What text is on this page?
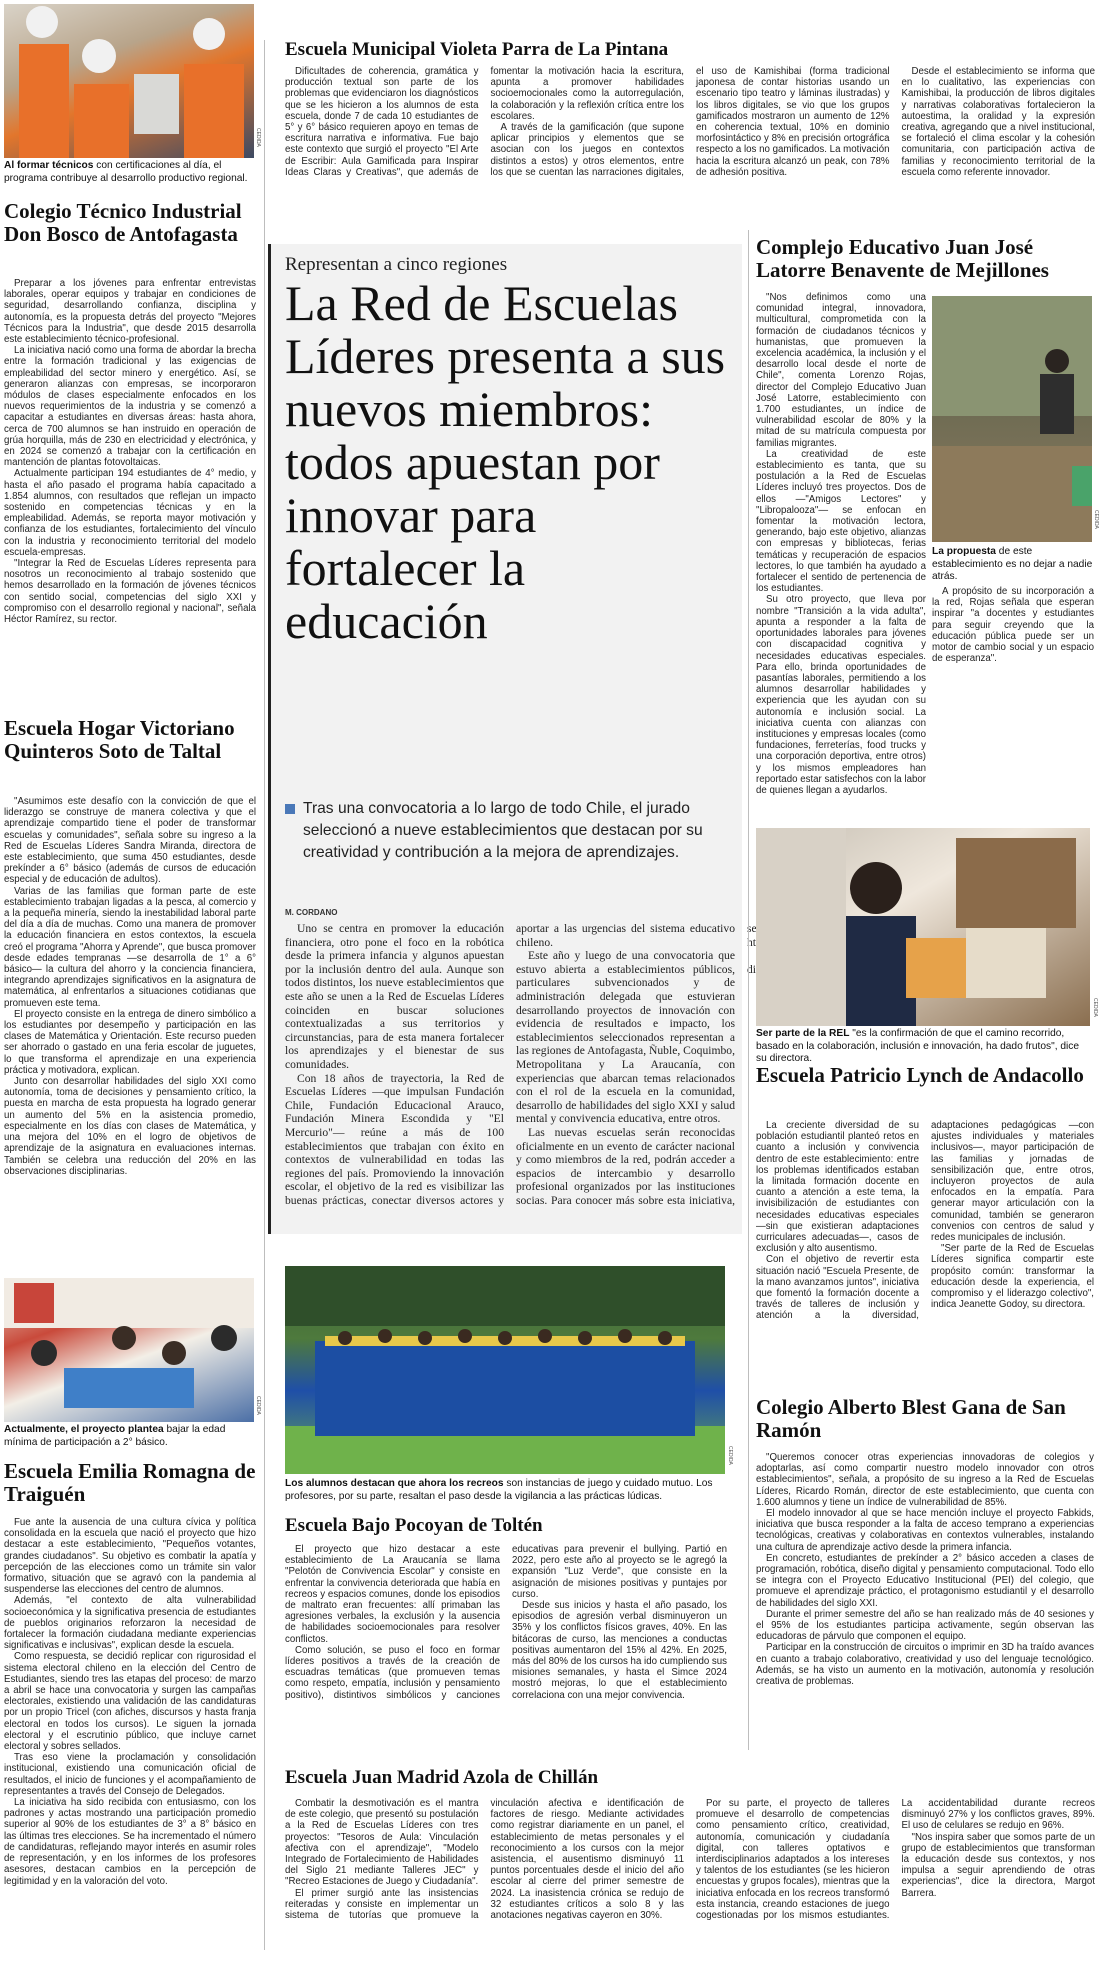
CEDIDA
Al formar técnicos con certificaciones al día, el programa contribuye al desarrollo productivo regional.
Colegio Técnico Industrial Don Bosco de Antofagasta

Preparar a los jóvenes para enfrentar entrevistas laborales, operar equipos y trabajar en condiciones de seguridad, desarrollando confianza, disciplina y autonomía, es la propuesta detrás del proyecto "Mejores Técnicos para la Industria", que desde 2015 desarrolla este establecimiento técnico-profesional.

La iniciativa nació como una forma de abordar la brecha entre la formación tradicional y las exigencias de empleabilidad del sector minero y energético. Así, se generaron alianzas con empresas, se incorporaron módulos de clases especialmente enfocados en los nuevos requerimientos de la industria y se comenzó a capacitar a estudiantes en diversas áreas: hasta ahora, cerca de 700 alumnos se han instruido en operación de grúa horquilla, más de 230 en electricidad y electrónica, y en 2024 se comenzó a trabajar con la certificación en mantención de plantas fotovoltaicas.

Actualmente participan 194 estudiantes de 4° medio, y hasta el año pasado el programa había capacitado a 1.854 alumnos, con resultados que reflejan un impacto sostenido en competencias técnicas y en la empleabilidad. Además, se reporta mayor motivación y confianza de los estudiantes, fortalecimiento del vínculo con la industria y reconocimiento territorial del modelo escuela-empresas.

"Integrar la Red de Escuelas Líderes representa para nosotros un reconocimiento al trabajo sostenido que hemos desarrollado en la formación de jóvenes técnicos con sentido social, competencias del siglo XXI y compromiso con el desarrollo regional y nacional", señala Héctor Ramírez, su rector.

Escuela Hogar Victoriano Quinteros Soto de Taltal

"Asumimos este desafío con la convicción de que el liderazgo se construye de manera colectiva y que el aprendizaje compartido tiene el poder de transformar escuelas y comunidades", señala sobre su ingreso a la Red de Escuelas Líderes Sandra Miranda, directora de este establecimiento, que suma 450 estudiantes, desde prekínder a 6° básico (además de cursos de educación especial y de educación de adultos).

Varias de las familias que forman parte de este establecimiento trabajan ligadas a la pesca, al comercio y a la pequeña minería, siendo la inestabilidad laboral parte del día a día de muchas. Como una manera de promover la educación financiera en estos contextos, la escuela creó el programa "Ahorra y Aprende", que busca promover desde edades tempranas —se desarrolla de 1° a 6° básico— la cultura del ahorro y la conciencia financiera, integrando aprendizajes significativos en la asignatura de matemática, al enfrentarlos a situaciones cotidianas que promueven este tema.

El proyecto consiste en la entrega de dinero simbólico a los estudiantes por desempeño y participación en las clases de Matemática y Orientación. Este recurso pueden ser ahorrado o gastado en una feria escolar de juguetes, lo que transforma el aprendizaje en una experiencia práctica y motivadora, explican.

Junto con desarrollar habilidades del siglo XXI como autonomía, toma de decisiones y pensamiento crítico, la puesta en marcha de esta propuesta ha logrado generar un aumento del 5% en la asistencia promedio, especialmente en los días con clases de Matemática, y una mejora del 10% en el logro de objetivos de aprendizaje de la asignatura en evaluaciones internas. También se celebra una reducción del 20% en las observaciones disciplinarias.

CEDIDA
Actualmente, el proyecto plantea bajar la edad mínima de participación a 2° básico.
Escuela Emilia Romagna de Traiguén

Fue ante la ausencia de una cultura cívica y política consolidada en la escuela que nació el proyecto que hizo destacar a este establecimiento, "Pequeños votantes, grandes ciudadanos". Su objetivo es combatir la apatía y percepción de las elecciones como un trámite sin valor formativo, situación que se agravó con la pandemia al suspenderse las elecciones del centro de alumnos.

Además, "el contexto de alta vulnerabilidad socioeconómica y la significativa presencia de estudiantes de pueblos originarios reforzaron la necesidad de fortalecer la formación ciudadana mediante experiencias significativas e inclusivas", explican desde la escuela.

Como respuesta, se decidió replicar con rigurosidad el sistema electoral chileno en la elección del Centro de Estudiantes, siendo tres las etapas del proceso: de marzo a abril se hace una convocatoria y surgen las campañas electorales, existiendo una validación de las candidaturas por un propio Tricel (con afiches, discursos y hasta franja electoral en todos los cursos). Le siguen la jornada electoral y el escrutinio público, que incluye carnet electoral y sobres sellados.

Tras eso viene la proclamación y consolidación institucional, existiendo una comunicación oficial de resultados, el inicio de funciones y el acompañamiento de representantes a través del Consejo de Delegados.

La iniciativa ha sido recibida con entusiasmo, con los padrones y actas mostrando una participación promedio superior al 90% de los estudiantes de 3° a 8° básico en las últimas tres elecciones. Se ha incrementado el número de candidaturas, reflejando mayor interés en asumir roles de representación, y en los informes de los profesores asesores, destacan cambios en la percepción de legitimidad y en la valoración del voto.

Escuela Municipal Violeta Parra de La Pintana

Dificultades de coherencia, gramática y producción textual son parte de los problemas que evidenciaron los diagnósticos que se les hicieron a los alumnos de esta escuela, donde 7 de cada 10 estudiantes de 5° y 6° básico requieren apoyo en temas de escritura narrativa e informativa. Fue bajo este contexto que surgió el proyecto "El Arte de Escribir: Aula Gamificada para Inspirar Ideas Claras y Creativas", que además de fomentar la motivación hacia la escritura, apunta a promover habilidades socioemocionales como la autorregulación, la colaboración y la reflexión crítica entre los escolares.

A través de la gamificación (que supone aplicar principios y elementos que se asocian con los juegos en contextos distintos a estos) y otros elementos, entre los que se cuentan las narraciones digitales, el uso de Kamishibai (forma tradicional japonesa de contar historias usando un escenario tipo teatro y láminas ilustradas) y los libros digitales, se vio que los grupos gamificados mostraron un aumento de 12% en coherencia textual, 10% en dominio morfosintáctico y 8% en precisión ortográfica respecto a los no gamificados. La motivación hacia la escritura alcanzó un peak, con 78% de adhesión positiva.

Desde el establecimiento se informa que en lo cualitativo, las experiencias con Kamishibai, la producción de libros digitales y narrativas colaborativas fortalecieron la autoestima, la oralidad y la expresión creativa, agregando que a nivel institucional, se fortaleció el clima escolar y la cohesión comunitaria, con participación activa de familias y reconocimiento territorial de la escuela como referente innovador.

Representan a cinco regiones
La Red de Escuelas Líderes presenta a sus nuevos miembros: todos apuestan por innovar para fortalecer la educación
Tras una convocatoria a lo largo de todo Chile, el jurado seleccionó a nueve establecimientos que destacan por su creatividad y contribución a la mejora de aprendizajes.
M. CORDANO

Uno se centra en promover la educación financiera, otro pone el foco en la robótica desde la primera infancia y algunos apuestan por la inclusión dentro del aula. Aunque son todos distintos, los nueve establecimientos que este año se unen a la Red de Escuelas Líderes coinciden en buscar soluciones contextualizadas a sus territorios y circunstancias, para de esta manera fortalecer los aprendizajes y el bienestar de sus comunidades.

Con 18 años de trayectoria, la Red de Escuelas Líderes —que impulsan Fundación Chile, Fundación Educacional Arauco, Fundación Minera Escondida y "El Mercurio"— reúne a más de 100 establecimientos que trabajan con éxito en contextos de vulnerabilidad en todas las regiones del país. Promoviendo la innovación escolar, el objetivo de la red es visibilizar las buenas prácticas, conectar diversos actores y aportar a las urgencias del sistema educativo chileno.

Este año y luego de una convocatoria que estuvo abierta a establecimientos públicos, particulares subvencionados y de administración delegada que estuvieran desarrollando proyectos de innovación con evidencia de resultados e impacto, los establecimientos seleccionados representan a las regiones de Antofagasta, Ñuble, Coquimbo, Metropolitana y La Araucanía, con experiencias que abarcan temas relacionados con el rol de la escuela en la comunidad, desarrollo de habilidades del siglo XXI y salud mental y convivencia educativa, entre otros.

Las nuevas escuelas serán reconocidas oficialmente en un evento de carácter nacional y como miembros de la red, podrán acceder a espacios de intercambio y desarrollo profesional organizados por las instituciones socias. Para conocer más sobre esta iniciativa, se

CEDIDA
Los alumnos destacan que ahora los recreos son instancias de juego y cuidado mutuo. Los profesores, por su parte, resaltan el paso desde la vigilancia a las prácticas lúdicas.
Escuela Bajo Pocoyan de Toltén

El proyecto que hizo destacar a este establecimiento de La Araucanía se llama "Pelotón de Convivencia Escolar" y consiste en enfrentar la convivencia deteriorada que había en recreos y espacios comunes, donde los episodios de maltrato eran frecuentes: allí primaban las agresiones verbales, la exclusión y la ausencia de habilidades socioemocionales para resolver conflictos.

Como solución, se puso el foco en formar líderes positivos a través de la creación de escuadras temáticas (que promueven temas como respeto, empatía, inclusión y pensamiento positivo), distintivos simbólicos y canciones educativas para prevenir el bullying. Partió en 2022, pero este año al proyecto se le agregó la expansión "Luz Verde", que consiste en la asignación de misiones positivas y puntajes por curso.

Desde sus inicios y hasta el año pasado, los episodios de agresión verbal disminuyeron un 35% y los conflictos físicos graves, 40%. En las bitácoras de curso, las menciones a conductas positivas aumentaron del 15% al 42%. En 2025, más del 80% de los cursos ha ido cumpliendo sus misiones semanales, y hasta el Simce 2024 mostró mejoras, lo que el establecimiento correlaciona con una mejor convivencia.

Escuela Juan Madrid Azola de Chillán

Combatir la desmotivación es el mantra de este colegio, que presentó su postulación a la Red de Escuelas Líderes con tres proyectos: "Tesoros de Aula: Vinculación afectiva con el aprendizaje", "Modelo Integrado de Fortalecimiento de Habilidades del Siglo 21 mediante Talleres JEC" y "Recreo Estaciones de Juego y Ciudadanía".

El primer surgió ante las insistencias reiteradas y consiste en implementar un sistema de tutorías que promueve la vinculación afectiva e identificación de factores de riesgo. Mediante actividades como registrar diariamente en un panel, el establecimiento de metas personales y el reconocimiento a los cursos con la mejor asistencia, el ausentismo disminuyó 11 puntos porcentuales desde el inicio del año escolar al cierre del primer semestre de 2024. La inasistencia crónica se redujo de 32 estudiantes críticos a solo 8 y las anotaciones negativas cayeron en 30%.

Por su parte, el proyecto de talleres promueve el desarrollo de competencias como pensamiento crítico, creatividad, autonomía, comunicación y ciudadanía digital, con talleres optativos e interdisciplinarios adaptados a los intereses y talentos de los estudiantes (se les hicieron encuestas y grupos focales), mientras que la iniciativa enfocada en los recreos transformó esta instancia, creando estaciones de juego cogestionadas por los mismos estudiantes. La accidentabilidad durante recreos disminuyó 27% y los conflictos graves, 89%. El uso de celulares se redujo en 96%.

"Nos inspira saber que somos parte de un grupo de establecimientos que transforman la educación desde sus contextos, y nos impulsa a seguir aprendiendo de otras experiencias", dice la directora, Margot Barrera.

Complejo Educativo Juan José Latorre Benavente de Mejillones

"Nos definimos como una comunidad integral, innovadora, multicultural, comprometida con la formación de ciudadanos técnicos y humanistas, que promueven la excelencia académica, la inclusión y el desarrollo local desde el norte de Chile", comenta Lorenzo Rojas, director del Complejo Educativo Juan José Latorre, establecimiento con 1.700 estudiantes, un índice de vulnerabilidad escolar de 80% y la mitad de su matrícula compuesta por familias migrantes.

La creatividad de este establecimiento es tanta, que su postulación a la Red de Escuelas Líderes incluyó tres proyectos. Dos de ellos —"Amigos Lectores" y "Libropalooza"— se enfocan en fomentar la motivación lectora, generando, bajo este objetivo, alianzas con empresas y bibliotecas, ferias temáticas y recuperación de espacios lectores, lo que también ha ayudado a fortalecer el sentido de pertenencia de los estudiantes.

Su otro proyecto, que lleva por nombre "Transición a la vida adulta", apunta a responder a la falta de oportunidades laborales para jóvenes con discapacidad cognitiva y necesidades educativas especiales. Para ello, brinda oportunidades de pasantías laborales, permitiendo a los alumnos desarrollar habilidades y experiencia que les ayudan con su autonomía e inclusión social. La iniciativa cuenta con alianzas con instituciones y empresas locales (como fundaciones, ferreterías, food trucks y una corporación deportiva, entre otros) y los mismos empleadores han reportado estar satisfechos con la labor de quienes llegan a ayudarlos.

CEDIDA
La propuesta de este establecimiento es no dejar a nadie atrás.

A propósito de su incorporación a la red, Rojas señala que esperan inspirar "a docentes y estudiantes para seguir creyendo que la educación pública puede ser un motor de cambio social y un espacio de esperanza".

CEDIDA
Ser parte de la REL "es la confirmación de que el camino recorrido, basado en la colaboración, inclusión e innovación, ha dado frutos", dice su directora.
Escuela Patricio Lynch de Andacollo

La creciente diversidad de su población estudiantil planteó retos en cuanto a inclusión y convivencia dentro de este establecimiento: entre los problemas identificados estaban la limitada formación docente en cuanto a atención a este tema, la invisibilización de estudiantes con necesidades educativas especiales —sin que existieran adaptaciones curriculares adecuadas—, casos de exclusión y alto ausentismo.

Con el objetivo de revertir esta situación nació "Escuela Presente, de la mano avanzamos juntos", iniciativa que fomentó la formación docente a través de talleres de inclusión y atención a la diversidad, adaptaciones pedagógicas —con ajustes individuales y materiales inclusivos—, mayor participación de las familias y jornadas de sensibilización que, entre otros, incluyeron proyectos de aula enfocados en la empatía. Para generar mayor articulación con la comunidad, también se generaron convenios con centros de salud y redes municipales de inclusión.

"Ser parte de la Red de Escuelas Líderes significa compartir este propósito común: transformar la educación desde la experiencia, el compromiso y el liderazgo colectivo", indica Jeanette Godoy, su directora.

Colegio Alberto Blest Gana de San Ramón

"Queremos conocer otras experiencias innovadoras de colegios y adoptarlas, así como compartir nuestro modelo innovador con otros establecimientos", señala, a propósito de su ingreso a la Red de Escuelas Líderes, Ricardo Román, director de este establecimiento, que cuenta con 1.600 alumnos y tiene un índice de vulnerabilidad de 85%.

El modelo innovador al que se hace mención incluye el proyecto Fabkids, iniciativa que busca responder a la falta de acceso temprano a experiencias tecnológicas, creativas y colaborativas en contextos vulnerables, instalando una cultura de aprendizaje activo desde la primera infancia.

En concreto, estudiantes de prekínder a 2° básico acceden a clases de programación, robótica, diseño digital y pensamiento computacional. Todo ello se integra con el Proyecto Educativo Institucional (PEI) del colegio, que promueve el aprendizaje práctico, el protagonismo estudiantil y el desarrollo de habilidades del siglo XXI.

Durante el primer semestre del año se han realizado más de 40 sesiones y el 95% de los estudiantes participa activamente, según observan las educadoras de párvulo que componen el equipo.

Participar en la construcción de circuitos o imprimir en 3D ha traído avances en cuanto a trabajo colaborativo, creatividad y uso del lenguaje tecnológico. Además, se ha visto un aumento en la motivación, autonomía y resolución creativa de problemas.
